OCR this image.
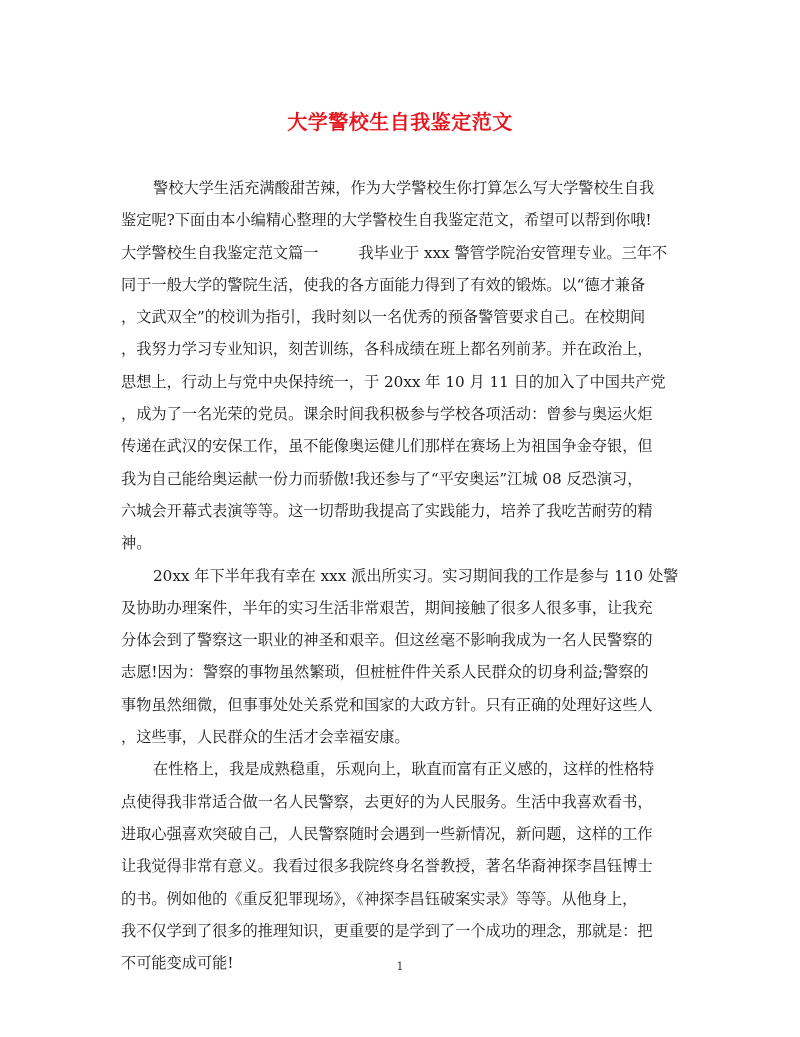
大学警校生自我鉴定范文
警校大学生活充满酸甜苦辣，作为大学警校生你打算怎么写大学警校生自我
鉴定呢?下面由本小编精心整理的大学警校生自我鉴定范文，希望可以帮到你哦!
大学警校生自我鉴定范文篇一	我毕业于 xxx 警管学院治安管理专业。三年不
同于一般大学的警院生活，使我的各方面能力得到了有效的锻炼。以“德才兼备
，文武双全”的校训为指引，我时刻以一名优秀的预备警管要求自己。在校期间
，我努力学习专业知识，刻苦训练，各科成绩在班上都名列前茅。并在政治上，
思想上，行动上与党中央保持统一，于 20xx 年 10 月 11 日的加入了中国共产党
，成为了一名光荣的党员。课余时间我积极参与学校各项活动：曾参与奥运火炬
传递在武汉的安保工作，虽不能像奥运健儿们那样在赛场上为祖国争金夺银，但
我为自己能给奥运献一份力而骄傲!我还参与了“平安奥运”江城 08 反恐演习，
六城会开幕式表演等等。这一切帮助我提高了实践能力，培养了我吃苦耐劳的精
神。
20xx 年下半年我有幸在 xxx 派出所实习。实习期间我的工作是参与 110 处警
及协助办理案件，半年的实习生活非常艰苦，期间接触了很多人很多事，让我充
分体会到了警察这一职业的神圣和艰辛。但这丝毫不影响我成为一名人民警察的
志愿!因为：警察的事物虽然繁琐，但桩桩件件关系人民群众的切身利益;警察的
事物虽然细微，但事事处处关系党和国家的大政方针。只有正确的处理好这些人
，这些事，人民群众的生活才会幸福安康。
在性格上，我是成熟稳重，乐观向上，耿直而富有正义感的，这样的性格特
点使得我非常适合做一名人民警察，去更好的为人民服务。生活中我喜欢看书，
进取心强喜欢突破自己，人民警察随时会遇到一些新情况，新问题，这样的工作
让我觉得非常有意义。我看过很多我院终身名誉教授，著名华裔神探李昌钰博士
的书。例如他的《重反犯罪现场》，《神探李昌钰破案实录》等等。从他身上，
我不仅学到了很多的推理知识，更重要的是学到了一个成功的理念，那就是：把
不可能变成可能!	1
